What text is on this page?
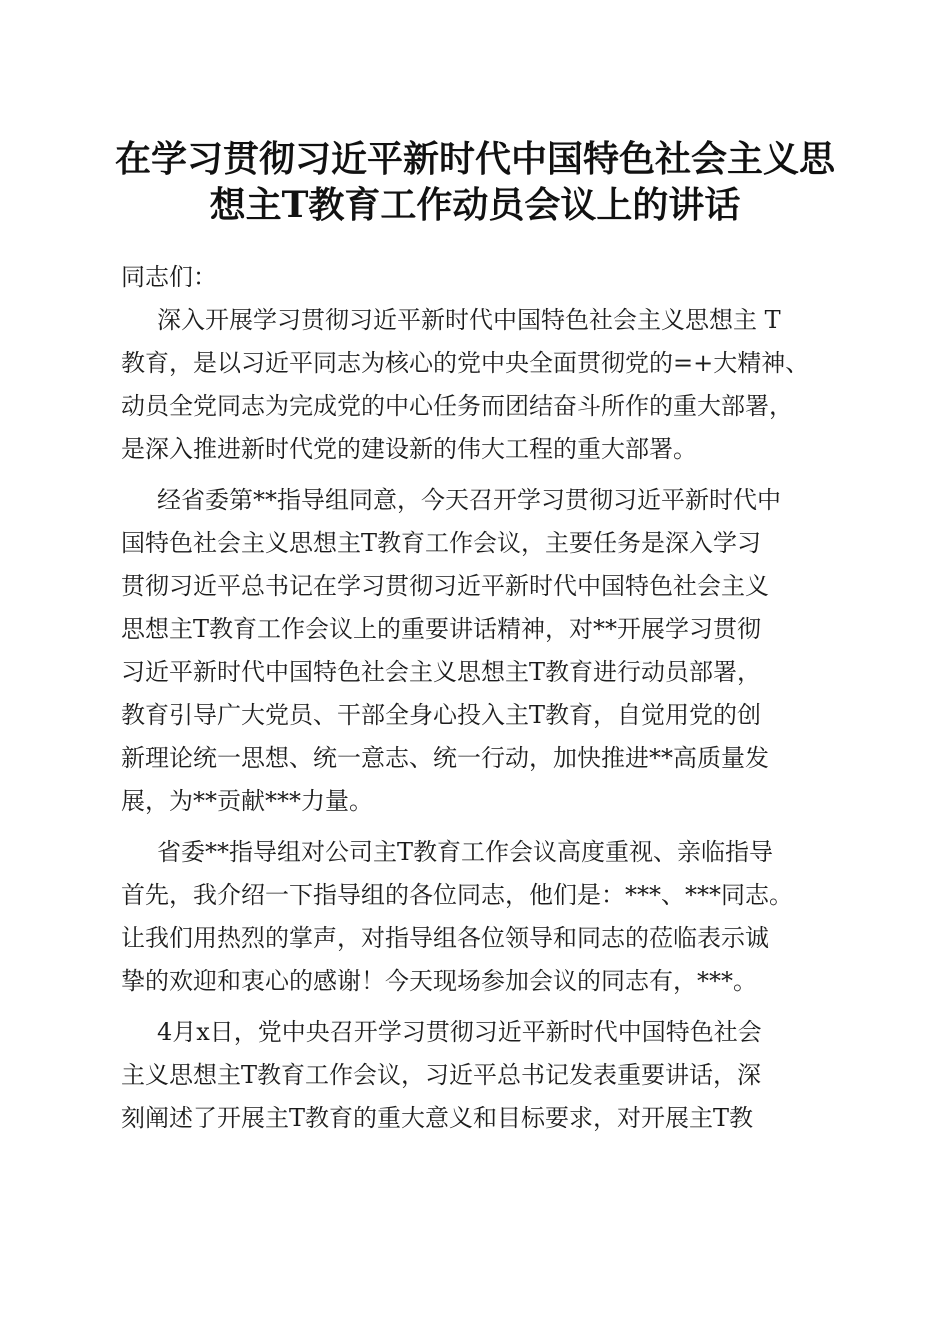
在学习贯彻习近平新时代中国特色社会主义思
想主T教育工作动员会议上的讲话
同志们：
深入开展学习贯彻习近平新时代中国特色社会主义思想主 T
教育，是以习近平同志为核心的党中央全面贯彻党的=+大精神、
动员全党同志为完成党的中心任务而团结奋斗所作的重大部署，
是深入推进新时代党的建设新的伟大工程的重大部署。
经省委第**指导组同意，今天召开学习贯彻习近平新时代中
国特色社会主义思想主T教育工作会议，主要任务是深入学习
贯彻习近平总书记在学习贯彻习近平新时代中国特色社会主义
思想主T教育工作会议上的重要讲话精神，对**开展学习贯彻
习近平新时代中国特色社会主义思想主T教育进行动员部署，
教育引导广大党员、干部全身心投入主T教育，自觉用党的创
新理论统一思想、统一意志、统一行动，加快推进**高质量发
展，为**贡献***力量。
省委**指导组对公司主T教育工作会议高度重视、亲临指导
首先，我介绍一下指导组的各位同志，他们是：***、***同志。
让我们用热烈的掌声，对指导组各位领导和同志的莅临表示诚
挚的欢迎和衷心的感谢！今天现场参加会议的同志有，***。
4月x日，党中央召开学习贯彻习近平新时代中国特色社会
主义思想主T教育工作会议，习近平总书记发表重要讲话，深
刻阐述了开展主T教育的重大意义和目标要求，对开展主T教
